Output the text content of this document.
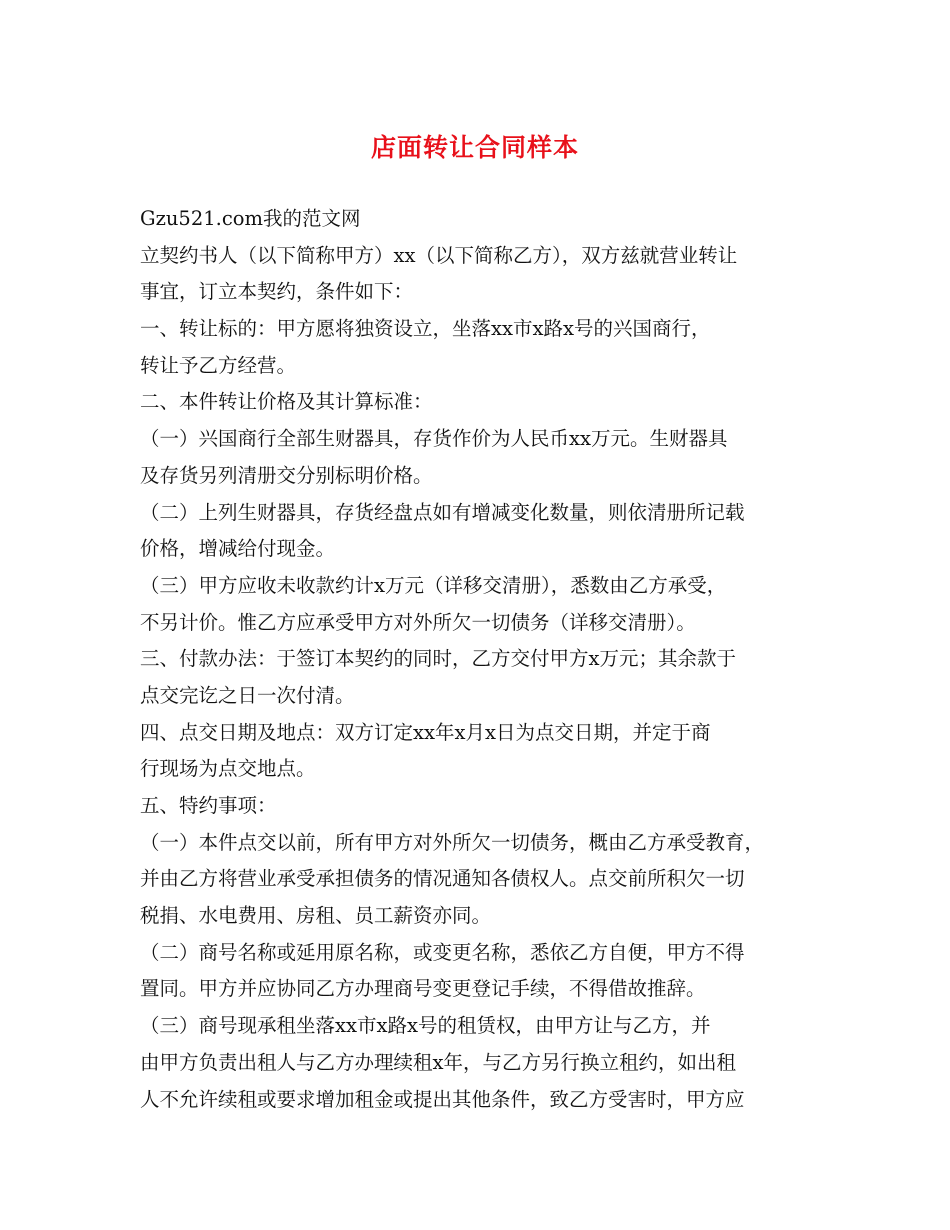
店面转让合同样本
Gzu521.com我的范文网
立契约书人（以下简称甲方）xx（以下简称乙方），双方兹就营业转让
事宜，订立本契约，条件如下：
一、转让标的：甲方愿将独资设立，坐落xx市x路x号的兴国商行，
转让予乙方经营。
二、本件转让价格及其计算标准：
（一）兴国商行全部生财器具，存货作价为人民币xx万元。生财器具
及存货另列清册交分别标明价格。
（二）上列生财器具，存货经盘点如有增减变化数量，则依清册所记载
价格，增减给付现金。
（三）甲方应收未收款约计x万元（详移交清册），悉数由乙方承受，
不另计价。惟乙方应承受甲方对外所欠一切债务（详移交清册）。
三、付款办法：于签订本契约的同时，乙方交付甲方x万元；其余款于
点交完讫之日一次付清。
四、点交日期及地点：双方订定xx年x月x日为点交日期，并定于商
行现场为点交地点。
五、特约事项：
（一）本件点交以前，所有甲方对外所欠一切债务，概由乙方承受教育，
并由乙方将营业承受承担债务的情况通知各债权人。点交前所积欠一切
税捐、水电费用、房租、员工薪资亦同。
（二）商号名称或延用原名称，或变更名称，悉依乙方自便，甲方不得
置同。甲方并应协同乙方办理商号变更登记手续，不得借故推辞。
（三）商号现承租坐落xx市x路x号的租赁权，由甲方让与乙方，并
由甲方负责出租人与乙方办理续租x年，与乙方另行换立租约，如出租
人不允许续租或要求增加租金或提出其他条件，致乙方受害时，甲方应
